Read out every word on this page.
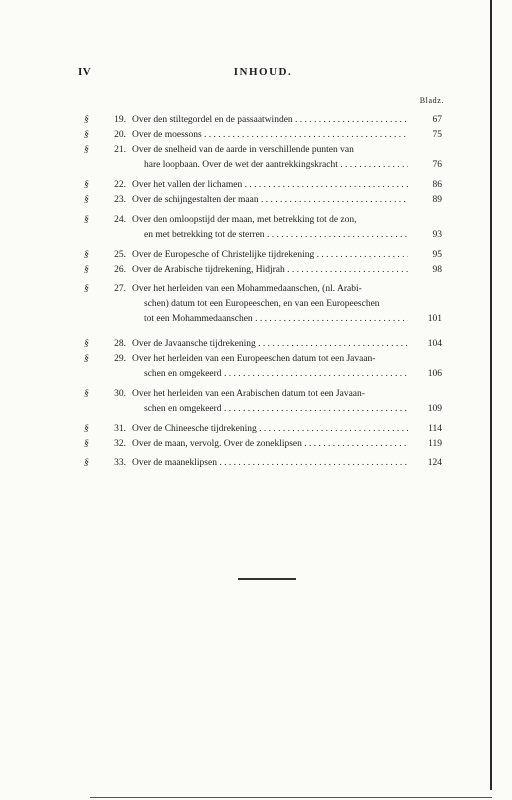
IV	INHOUD.
Bladz.
§	19. Over den stiltegordel en de passaatwinden . . .	67
§	20. Over de moessons . . .	75
§	21. Over de snelheid van de aarde in verschillende punten van
hare loopbaan. Over de wet der aantrekkingskracht . . .	76
§	22. Over het vallen der lichamen . . .	86
§	23. Over de schijngestalten der maan . . .	89
§	24. Over den omloopstijd der maan, met betrekking tot de zon,
en met betrekking tot de sterren . . .	93
§	25. Over de Europesche of Christelijke tijdrekening . . .	95
§	26. Over de Arabische tijdrekening, Hidjrah . . .	98
§	27. Over het herleiden van een Mohammedaanschen, (nl. Arabi-
schen) datum tot een Europeeschen, en van een Europeeschen
tot een Mohammedaanschen . . .	101
§	28. Over de Javaansche tijdrekening . . .	104
§	29. Over het herleiden van een Europeeschen datum tot een Javaan-
schen en omgekeerd . . .	106
§	30. Over het herleiden van een Arabischen datum tot een Javaan-
schen en omgekeerd . . .	109
§	31. Over de Chineesche tijdrekening . . .	114
§	32. Over de maan, vervolg. Over de zoneklipsen . . .	119
§	33. Over de maaneklipsen . . .	124
